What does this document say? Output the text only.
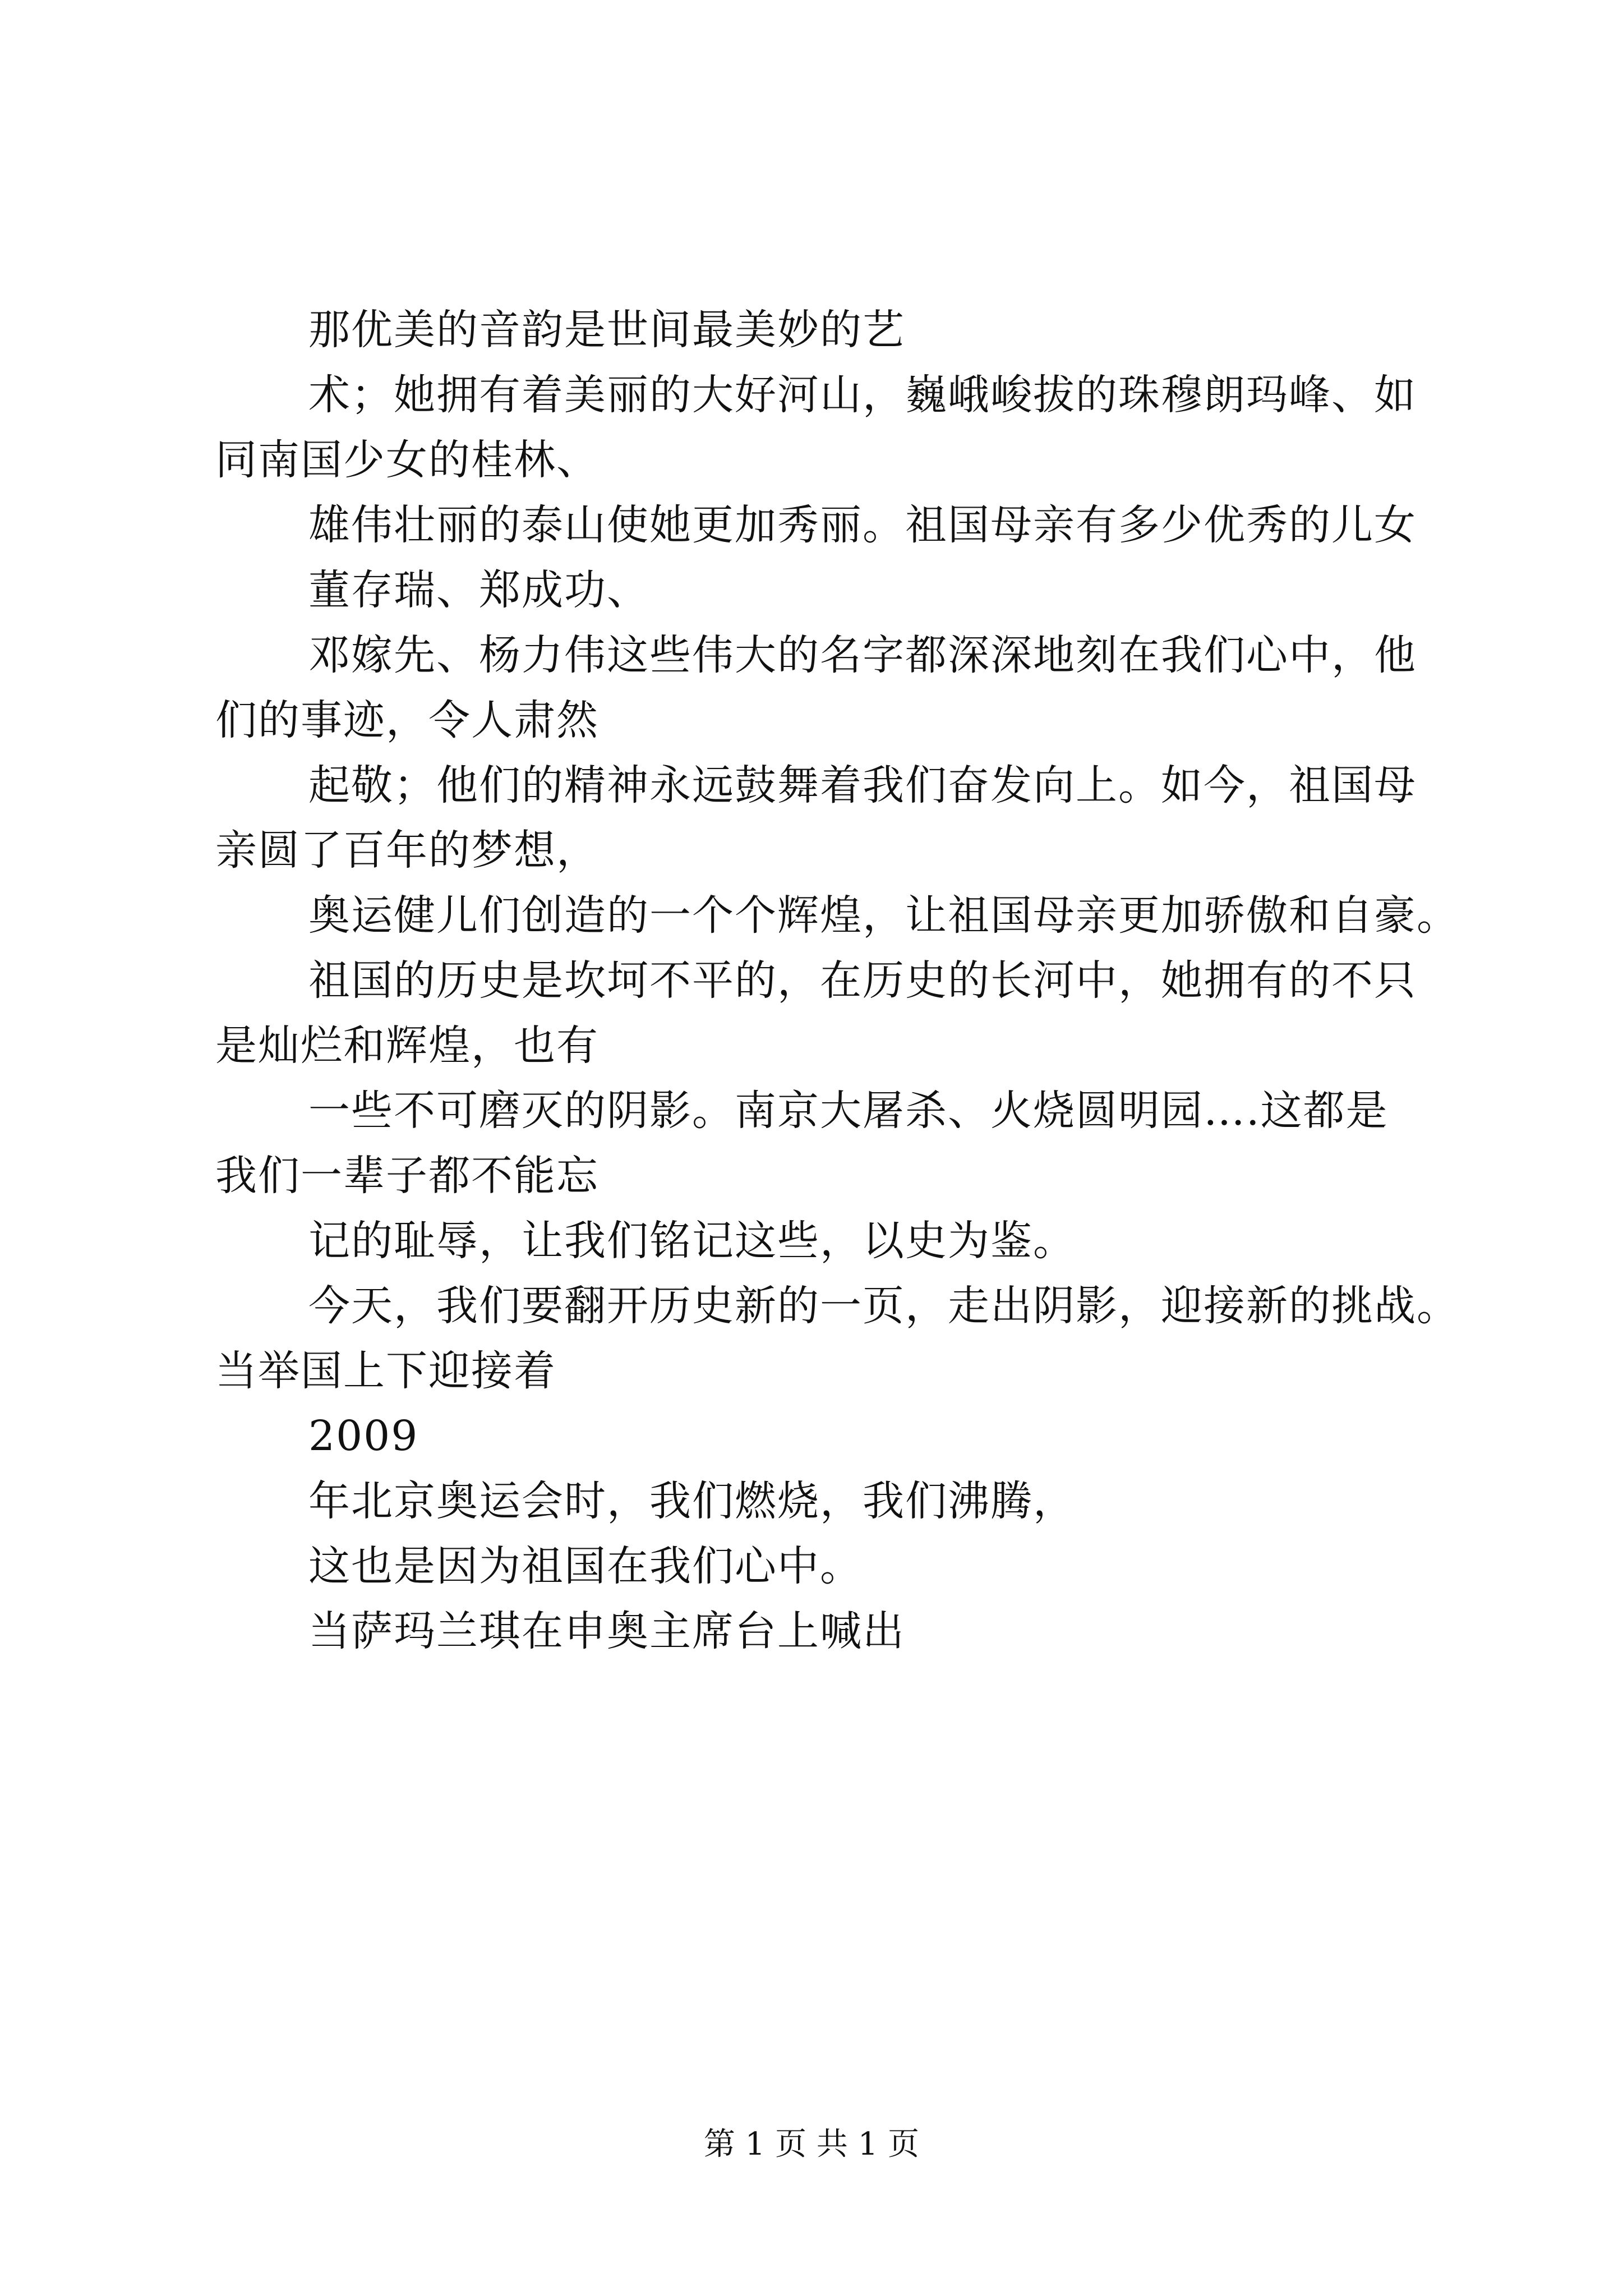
那优美的音韵是世间最美妙的艺
术；她拥有着美丽的大好河山，巍峨峻拔的珠穆朗玛峰、如
同南国少女的桂林、
雄伟壮丽的泰山使她更加秀丽。祖国母亲有多少优秀的儿女
董存瑞、郑成功、
邓嫁先、杨力伟这些伟大的名字都深深地刻在我们心中，他
们的事迹，令人肃然
起敬；他们的精神永远鼓舞着我们奋发向上。如今，祖国母
亲圆了百年的梦想，
奥运健儿们创造的一个个辉煌，让祖国母亲更加骄傲和自豪。
祖国的历史是坎坷不平的，在历史的长河中，她拥有的不只
是灿烂和辉煌，也有
一些不可磨灭的阴影。南京大屠杀、火烧圆明园….这都是
我们一辈子都不能忘
记的耻辱，让我们铭记这些，以史为鉴。
今天，我们要翻开历史新的一页，走出阴影，迎接新的挑战。
当举国上下迎接着
2009
年北京奥运会时，我们燃烧，我们沸腾，
这也是因为祖国在我们心中。
当萨玛兰琪在申奥主席台上喊出
第 1 页 共 1 页
